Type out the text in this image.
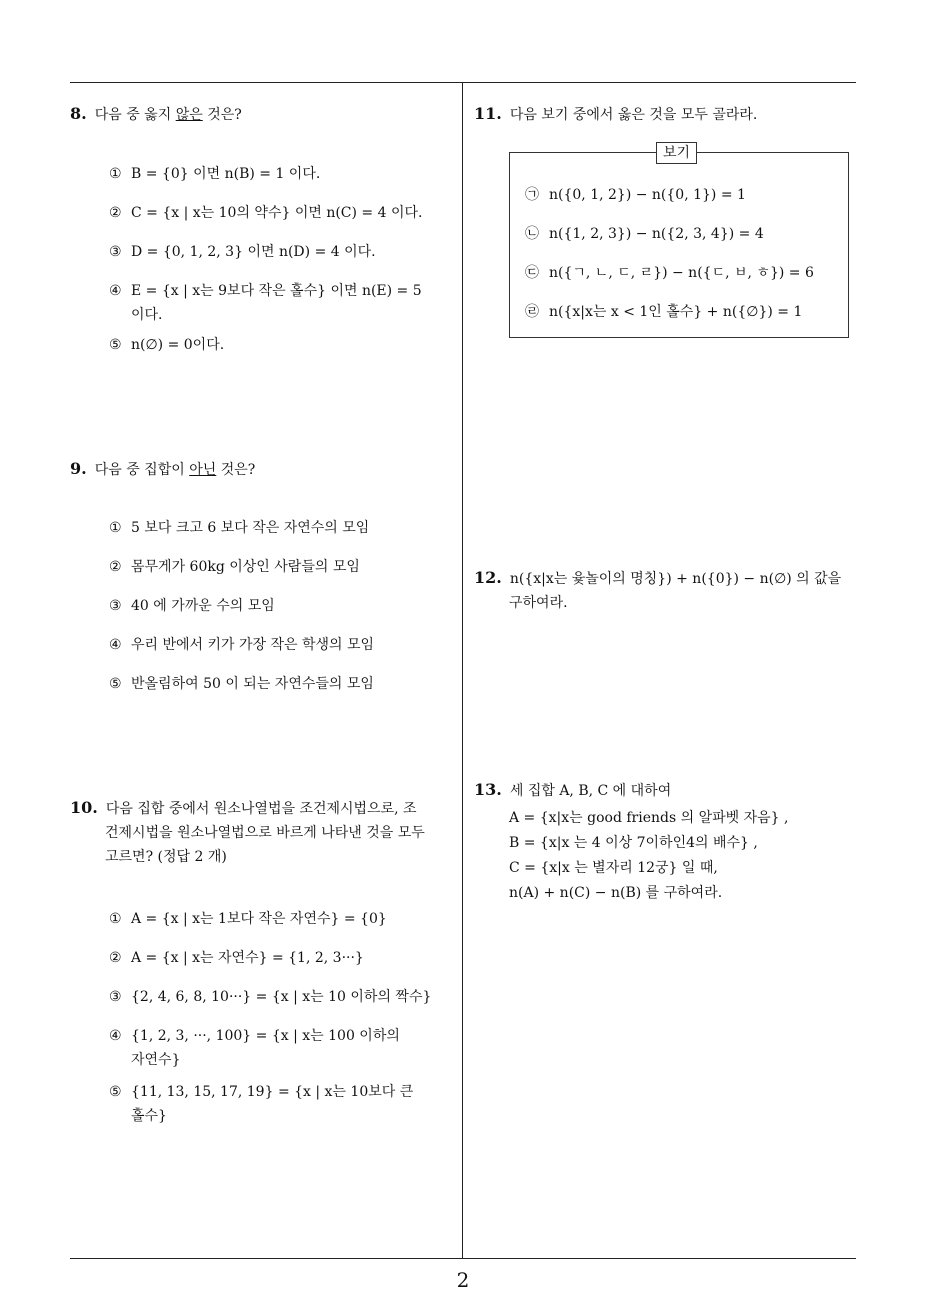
8. 다음 중 옳지 않은 것은?
① B = {0} 이면 n(B) = 1 이다.
② C = {x | x는 10의 약수} 이면 n(C) = 4 이다.
③ D = {0, 1, 2, 3} 이면 n(D) = 4 이다.
④ E = {x | x는 9보다 작은 홀수} 이면 n(E) = 5
이다.
⑤ n(∅) = 0이다.
9. 다음 중 집합이 아닌 것은?
① 5 보다 크고 6 보다 작은 자연수의 모임
② 몸무게가 60kg 이상인 사람들의 모임
③ 40 에 가까운 수의 모임
④ 우리 반에서 키가 가장 작은 학생의 모임
⑤ 반올림하여 50 이 되는 자연수들의 모임
10. 다음 집합 중에서 원소나열법을 조건제시법으로, 조
건제시법을 원소나열법으로 바르게 나타낸 것을 모두
고르면? (정답 2 개)
① A = {x | x는 1보다 작은 자연수} = {0}
② A = {x | x는 자연수} = {1, 2, 3···}
③ {2, 4, 6, 8, 10···} = {x | x는 10 이하의 짝수}
④ {1, 2, 3, ···, 100} = {x | x는 100 이하의
자연수}
⑤ {11, 13, 15, 17, 19} = {x | x는 10보다 큰
홀수}
11. 다음 보기 중에서 옳은 것을 모두 골라라.
보기
㉠ n({0, 1, 2}) − n({0, 1}) = 1
㉡ n({1, 2, 3}) − n({2, 3, 4}) = 4
㉢ n({ㄱ, ㄴ, ㄷ, ㄹ}) − n({ㄷ, ㅂ, ㅎ}) = 6
㉣ n({x|x는 x < 1인 홀수} + n({∅}) = 1
12. n({x|x는 윷놀이의 명칭}) + n({0}) − n(∅) 의 값을
구하여라.
13. 세 집합 A, B, C 에 대하여
A = {x|x는 good friends 의 알파벳 자음} ,
B = {x|x 는 4 이상 7이하인4의 배수} ,
C = {x|x 는 별자리 12궁} 일 때,
n(A) + n(C) − n(B) 를 구하여라.
2
